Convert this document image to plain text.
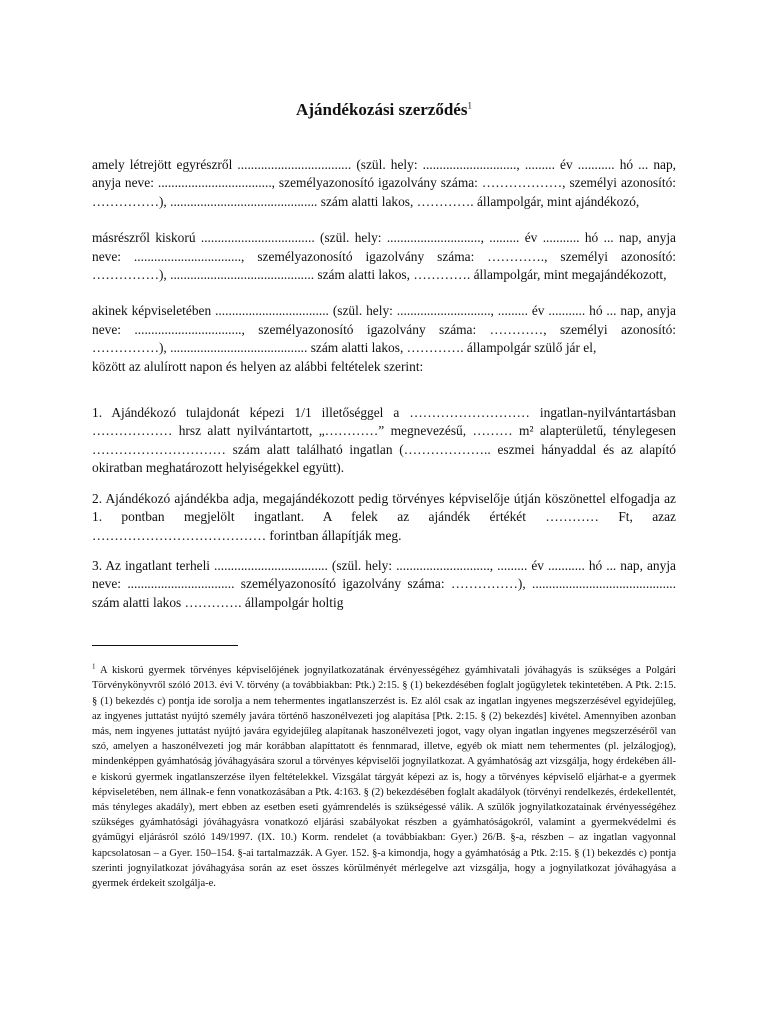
Ajándékozási szerződés$^1$

amely létrejött egyrészről .................................. (szül. hely: ............................, ......... év ........... hó ... nap, anyja neve: .................................., személyazonosító igazolvány száma: ………………, személyi azonosító: ……………), ............................................ szám alatti lakos, …………. állampolgár, mint ajándékozó,

másrészről kiskorú .................................. (szül. hely: ............................, ......... év ........... hó ... nap, anyja neve: ................................, személyazonosító igazolvány száma: …………., személyi azonosító: ……………), ........................................... szám alatti lakos, …………. állampolgár, mint megajándékozott,

akinek képviseletében .................................. (szül. hely: ............................, ......... év ........... hó ... nap, anyja neve: ................................, személyazonosító igazolvány száma: …………, személyi azonosító: ……………), ......................................... szám alatti lakos, …………. állampolgár szülő jár el,

között az alulírott napon és helyen az alábbi feltételek szerint:

1. Ajándékozó tulajdonát képezi 1/1 illetőséggel a ……………………… ingatlan-nyilvántartásban ……………… hrsz alatt nyilvántartott, „…………” megnevezésű, ……… m² alapterületű, ténylegesen ………………………… szám alatt található ingatlan (……………….. eszmei hányaddal és az alapító okiratban meghatározott helyiségekkel együtt).

2. Ajándékozó ajándékba adja, megajándékozott pedig törvényes képviselője útján köszönettel elfogadja az 1. pontban megjelölt ingatlant. A felek az ajándék értékét ………… Ft, azaz ………………………………… forintban állapítják meg.

3. Az ingatlant terheli .................................. (szül. hely: ............................, ......... év ........... hó ... nap, anyja neve: ................................ személyazonosító igazolvány száma: ……………), ........................................... szám alatti lakos …………. állampolgár holtig

$^1$ A kiskorú gyermek törvényes képviselőjének jognyilatkozatának érvényességéhez gyámhivatali jóváhagyás is szükséges a Polgári Törvénykönyvről szóló 2013. évi V. törvény (a továbbiakban: Ptk.) 2:15. § (1) bekezdésében foglalt jogügyletek tekintetében. A Ptk. 2:15. § (1) bekezdés c) pontja ide sorolja a nem tehermentes ingatlanszerzést is. Ez alól csak az ingatlan ingyenes megszerzésével egyidejűleg, az ingyenes juttatást nyújtó személy javára történő haszonélvezeti jog alapítása [Ptk. 2:15. § (2) bekezdés] kivétel. Amennyiben azonban más, nem ingyenes juttatást nyújtó javára egyidejűleg alapítanak haszonélvezeti jogot, vagy olyan ingatlan ingyenes megszerzéséről van szó, amelyen a haszonélvezeti jog már korábban alapíttatott és fennmarad, illetve, egyéb ok miatt nem tehermentes (pl. jelzálogjog), mindenképpen gyámhatóság jóváhagyására szorul a törvényes képviselői jognyilatkozat. A gyámhatóság azt vizsgálja, hogy érdekében áll-e kiskorú gyermek ingatlanszerzése ilyen feltételekkel. Vizsgálat tárgyát képezi az is, hogy a törvényes képviselő eljárhat-e a gyermek képviseletében, nem állnak-e fenn vonatkozásában a Ptk. 4:163. § (2) bekezdésében foglalt akadályok (törvényi rendelkezés, érdekellentét, más tényleges akadály), mert ebben az esetben eseti gyámrendelés is szükségessé válik. A szülők jognyilatkozatainak érvényességéhez szükséges gyámhatósági jóváhagyásra vonatkozó eljárási szabályokat részben a gyámhatóságokról, valamint a gyermekvédelmi és gyámügyi eljárásról szóló 149/1997. (IX. 10.) Korm. rendelet (a továbbiakban: Gyer.) 26/B. §-a, részben – az ingatlan vagyonnal kapcsolatosan – a Gyer. 150–154. §-ai tartalmazzák. A Gyer. 152. §-a kimondja, hogy a gyámhatóság a Ptk. 2:15. § (1) bekezdés c) pontja szerinti jognyilatkozat jóváhagyása során az eset összes körülményét mérlegelve azt vizsgálja, hogy a jognyilatkozat jóváhagyása a gyermek érdekeit szolgálja-e.
